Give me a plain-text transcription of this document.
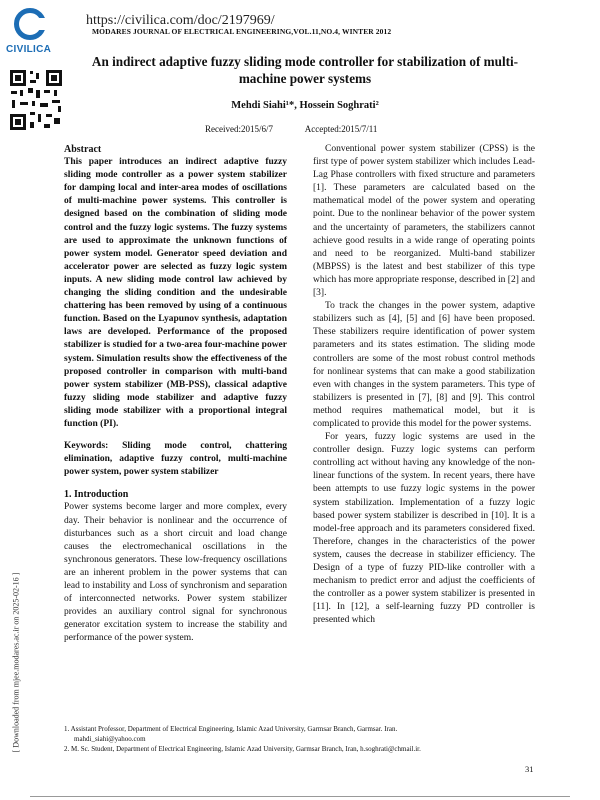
CIVILICA
https://civilica.com/doc/2197969/
MODARES JOURNAL OF ELECTRICAL ENGINEERING,VOL.11,NO.4, WINTER 2012
An indirect adaptive fuzzy sliding mode controller for stabilization of multi-machine power systems
Mehdi Siahi¹*, Hossein Soghrati²
Received:2015/6/7	Accepted:2015/7/11
[ Downloaded from mjee.modares.ac.ir on 2025-02-16 ]
Abstract

This paper introduces an indirect adaptive fuzzy sliding mode controller as a power system stabilizer for damping local and inter-area modes of oscillations of multi-machine power systems. This controller is designed based on the combination of sliding mode control and the fuzzy logic systems. The fuzzy systems are used to approximate the unknown functions of power system model. Generator speed deviation and accelerator power are selected as fuzzy logic system inputs. A new sliding mode control law achieved by changing the sliding condition and the undesirable chattering has been removed by using of a continuous function. Based on the Lyapunov synthesis, adaptation laws are developed. Performance of the proposed stabilizer is studied for a two-area four-machine power system. Simulation results show the effectiveness of the proposed controller in comparison with multi-band power system stabilizer (MB-PSS), classical adaptive fuzzy sliding mode stabilizer and adaptive fuzzy sliding mode stabilizer with a proportional integral function (PI).

Keywords: Sliding mode control, chattering elimination, adaptive fuzzy control, multi-machine power system, power system stabilizer

1. Introduction

Power systems become larger and more complex, every day. Their behavior is nonlinear and the occurrence of disturbances such as a short circuit and load change causes the electromechanical oscillations in the synchronous generators. These low-frequency oscillations are an inherent problem in the power systems that can lead to instability and Loss of synchronism and separation of interconnected networks. Power system stabilizer provides an auxiliary control signal for synchronous generator excitation system to increase the stability and performance of the power system.

Conventional power system stabilizer (CPSS) is the first type of power system stabilizer which includes Lead-Lag Phase controllers with fixed structure and parameters [1]. These parameters are calculated based on the mathematical model of the power system and operating point. Due to the nonlinear behavior of the power system and the uncertainty of parameters, the stabilizers cannot achieve good results in a wide range of operating points and need to be reorganized. Multi-band stabilizer (MBPSS) is the latest and best stabilizer of this type which has more appropriate response, described in [2] and [3].

To track the changes in the power system, adaptive stabilizers such as [4], [5] and [6] have been proposed. These stabilizers require identification of power system parameters and its states estimation. The sliding mode controllers are some of the most robust control methods for nonlinear systems that can make a good stabilization even with changes in the system parameters. This type of stabilizers is presented in [7], [8] and [9]. This control method requires mathematical model, but it is complicated to provide this model for the power systems.

For years, fuzzy logic systems are used in the controller design. Fuzzy logic systems can perform controlling act without having any knowledge of the non-linear functions of the system. In recent years, there have been attempts to use fuzzy logic systems in the power system stabilization. Implementation of a fuzzy logic based power system stabilizer is described in [10]. It is a model-free approach and its parameters considered fixed. Therefore, changes in the characteristics of the power system, causes the decrease in stabilizer efficiency. The Design of a type of fuzzy PID-like controller with a mechanism to predict error and adjust the coefficients of the controller as a power system stabilizer is presented in [11]. In [12], a self-learning fuzzy PD controller is presented which

1. Assistant Professor, Department of Electrical Engineering, Islamic Azad University, Garmsar Branch, Garmsar. Iran.
mahdi_siahi@yahoo.com
2. M. Sc. Student, Department of Electrical Engineering, Islamic Azad University, Garmsar Branch, Iran, h.soghrati@chmail.ir.
31
